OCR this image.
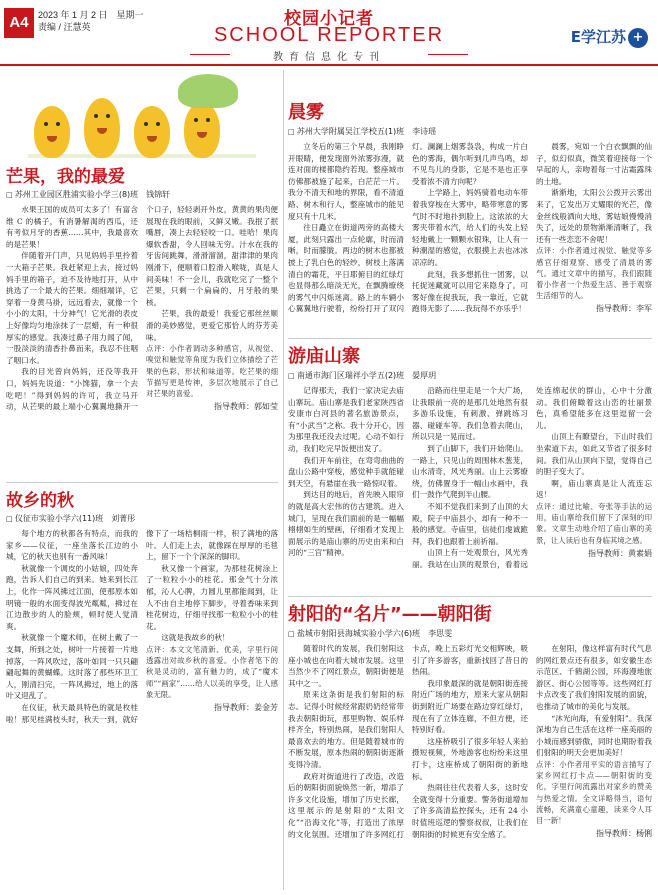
A4	2023 年 1 月 2 日　星期一
责编 / 汪慧英	校园小记者
SCHOOL REPORTER
教育信息化专刊
E学江苏 +
芒果，我的最爱
□ 苏州工业园区胜浦实验小学三(8)班　钱锦轩

水果王国的成员可太多了！有富含维 C 的橘子，有消暑解渴的西瓜，还有考似月牙的香蕉……其中，我最喜欢的是芒果！

伴随着开门声，只见妈妈手里拎着一大箱子芒果。我赶紧迎上去，接过妈妈手里的箱子，迫不及待地打开，从中挑选了一个最大的芒果。细细端详，它穿着一身黄马褂，远远看去，就像一个小小的太阳，十分神气！它光滑的表皮上好像均匀地涂抹了一层蜡，有一种很厚实的感觉。我凑过鼻子用力闻了闻，一股淡淡的清香扑鼻而来，我忍不住咽了咽口水。

我的目光曾向妈妈，还没等我开口，妈妈先说道：“小馋猫，拿一个去吃吧！”得到妈妈的许可，我立马开动，从芒果的最上端小心翼翼地撕开一个口子，轻轻剥开外皮，黄黄的果肉便展现在我的眼前，又鲜又嫩。我抿了抿嘴唇，凑上去轻轻咬一口。哇哈！果肉爆软香甜，令人回味无穷。汁水在我的牙齿间跳舞，滑滑溜溜，甜津津的果肉刚滑下，便顺着口腔滑入喉咙，真是人间美味！不一会儿，我就吃完了一整个芒果，只剩一个扁扁的、月牙般的果核。

芒果，我的最爱！我爱它那丝丝顺滑的美妙感觉，更爱它那恰人的芬芳美味。

点评：小作者调动多种感官，从视觉、嗅觉和触觉等角度为我们立体描绘了芒果的色彩、形状和味道等。吃芒果的细节描写更是传神，多层次地展示了自己对芒果的喜爱。

指导教师：郭如莹
故乡的秋
□ 仪征市实验小学六(11)班　刘菁彤

每个地方的秋都各有特点，而我的家乡——仪征，一座坐落长江边的小城，它的秋天也别有一番风味！

秋就像一个调皮的小姑娘，四处奔跑，告诉人们自己的到来。她来到长江上，化作一阵风拂过江面，使那原本如明镜一般的水面变得波光粼粼，拂过在江边散步的人的脸颊，顿时使人觉清爽。

秋就像一个魔术师，在树上戴了一支舞，所到之处，树叶一片接着一片地掉落，一阵风吹过，落叶如同一只只翩翩起舞的黄蝴蝶。这时落了那些环卫工人，刚清扫完，一阵风拂过，地上的落叶又迎乱了。

在仪征，秋天最具特色的就是枚桂啦！那见桂满枝头时，秋天一到，就好像下了一场桔桐雨一样，积了满地的落叶。人们走上去，就像踩在厚厚的毛毯上，留下一个个深深的脚印。

秋又像一个画家，为那桂花树涂上了一粒粒小小的桂花。那金气十分浓郁，沁人心脾，力圆儿里都能闻到，让人不由自主地停下脚步，寻着香味来到桂花树边，仔细寻找那一粒粒小小的桂花。

这就是我故乡的秋！

点评：本文文笔清新、优美，字里行间透露出对故乡秋的喜爱。小作者笔下的秋是灵动的，富有魅力的，成了“魔术师”“画家”……给人以美的享受，让人感象无限。

指导教师：姜金芳
晨雾
□ 苏州大学附属吴江学校五(1)班　李诗瑶

立冬后的第三个早晨，我刚睁开眼睛，便发现窗外浓雾弥漫，就连对面的楼都隐约若现。整座城市仿佛都被施了起来，白茫茫一片。我分不清天和地的界限，看不清道路、树木和行人，整座城市的能见度只有十几米。

往日矗立在街道两旁的高楼大厦，此刻只露出一点轮廓，时而清晰，时而朦胧。两边的树木也都被披上了乳白色的轻纱，树枝上落满清白的霜花，平日耶俯目的红绿灯也显得那么暗淡无光，在飘腾缭绕的雾气中闪烁迷离。路上的车辆小心翼翼地行驶着，纷纷打开了双闪灯。澜澜上烟雾袅袅，构成一片白色的雾海，偶尔听到几声鸟鸣，却不见鸟儿的身影，它是不是也正享受着浓不清方向呢？

上学路上，妈妈骑着电动车带着我穿梭在大雾中，略带寒意的雾气时不时地扑到脸上。这浓浓的大雾夹带着水汽，给人们的头发上轻轻地戴上一颗颗水银珠，让人有一种潮湿的感觉，衣服摸上去也冰冰凉凉的。

此刻，我多想抓住一团雾，以托捉迷藏就可以用它来隐身了。可雾好像在捉我玩，我一靠近，它就跑得无影了……我玩得不亦乐乎！

晨雾，宛如一个白衣飘飘的仙子，似幻似真，微笑着迎接每一个早起的人，亲吻着每一寸沾霜露珠的土地。

渐渐地，太阳公公拨开云雾出来了，它发出万丈耀眼的光芒，像金丝线般洒向大地，雾姑娘慢慢消失了，远处的景物渐渐清晰了，我还有一些恋恋不舍呢！

点评：小作者通过视觉、触觉等多感官仔细观察、感受了清晨的雾气。通过文章中的描写，我们跟随着小作者一个热爱生活、善于观察生活细节的人。

指导教师：李军
游庙山寨
□ 南通市海门区瑞祥小学五(2)班　晏厚玥

记得那天，我们一家决定去庙山寨玩。庙山寨是我们老家陕西省安康市白河县的著名旅游景点，有“小武当”之称。我十分开心，因为那里我还没去过呢。心动不如行动，我们吃完早饭便出发了。

我们开车前往，在弯弯曲曲的盘山公路中穿梭，感觉种手就能碰到天空，有悬崖在我一路惊叹着。

到达目的地后，首先映入眼帘的就是高大宏伟的仿古建筑。进入城门，呈现在我们面前的是一幅幅栩栩如生的壁画，仔细看才发现上面展示的是庙山寨的历史由来和白河的“三宫”精神。

沿路而往里走是一个大广场，让我眼前一亮的是那几处地然有很多游乐设施，有刺激、弹跳练习器、碰碰车等。我们急着去爬山，所以只是一晃而过。

到了山脚下，我们开始爬山。一路上，只见山的周围林木葱茏，山水清奇，风光秀丽。山上云雾缭绕，仿佛置身于一幅山水画中，我们一鼓作气爬到半山腰。

不知不觉我们来到了山顶的大殿，院子中庙县小，却有一种不一般的感觉。寺庙里，信徒们虔诚跪拜，我们也跟着上前祈福。

山顶上有一处观景台，风光秀丽。我站在山顶的观景台，看着远处连绵起伏的群山，心中十分激动。我们俯瞰着这山峦的壮丽景色，真希望能多在这里逗留一会儿。

山顶上有瞭望台，下山时我们坐索道下去，如此又节省了很多时间。我们从山顶向下望，觉得自己的胆子变大了。

啊，庙山寨真是让人流连忘返！

点评：通过比喻、夸张等手法的运用，庙山寨给我们留下了深刻的印象。文章生动地介绍了庙山寨的美景，让人读后也有身临其境之感。

指导教师：黄素娟
射阳的“名片”——朝阳街
□ 盐城市射阳县海城实验小学六(6)班　李思雯

随着时代的发展，我们射阳这座小城也在向着大城市发展。这里当然少不了网红景点，朝阳街便是其中之一。

原来这条街是我们射阳的标志。记得小时候经常跟奶奶经常带我去朝阳街玩，那里购物、娱乐样样齐全，特别热闹，是我们射阳人最喜欢去的地方。但是随着城市的不断发展，原本热闹的朝阳街逐渐变得冷清。

政府对街道进行了改造，改造后的朝阳街面貌焕然一新，增添了许多文化设施，增加了历史长廊，这里展示的是射阳的“太阳文化”“沿海文化”等，打造出了浓厚的文化氛围。还增加了许多网红打卡点，晚上五彩灯光交相辉映，吸引了许多游客，重新找回了昔日的热闹。

我印象最深的就是朝阳街连接附近广场的地方，原来大家从朝阳街到附近广场要在路边穿红绿灯，现在有了立体连廊，不但方便，还特别好看。

这座桥吸引了很多年轻人来拍摄短视频，外地游客也纷纷来这里打卡，这座桥成了朝阳街的新地标。

热闹往往代表着人多，这时安全就变得十分重要。警务街道增加了许多高清监控探头，还有 24 小时值班巡逻的警察叔叔，让我们在朝阳街的时候更有安全感了。

在射阳，像这样富有时代气息的网红景点还有很多，如安徽生态示范区、千鹤湖公园，环海漫地旅游区、街心公园等等。这些网红打卡点改变了我们射阳发展的面貌，也推动了城市的美化与发展。

“沐光向海，有爱射阳”。我深深地为自己生活在这样一座美丽的小城而感到骄傲，同时也期盼着我们射阳的明天会更加美好！

点评：小作者用平实的语言描写了家乡网红打卡点——朝阳街的变化，字里行间流露出对家乡的赞美与热爱之情。全文详略得当，语句流畅，充满童心童趣，读来令人耳目一新！

指导教师：杨俐
